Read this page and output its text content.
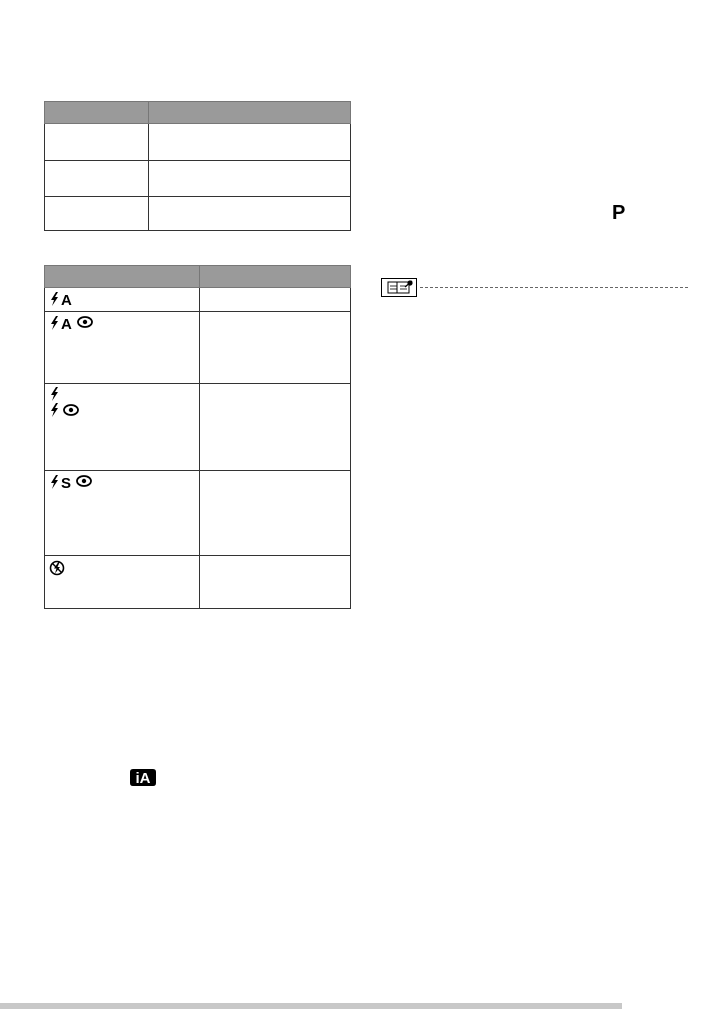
A	

A	

S	

P
iA
